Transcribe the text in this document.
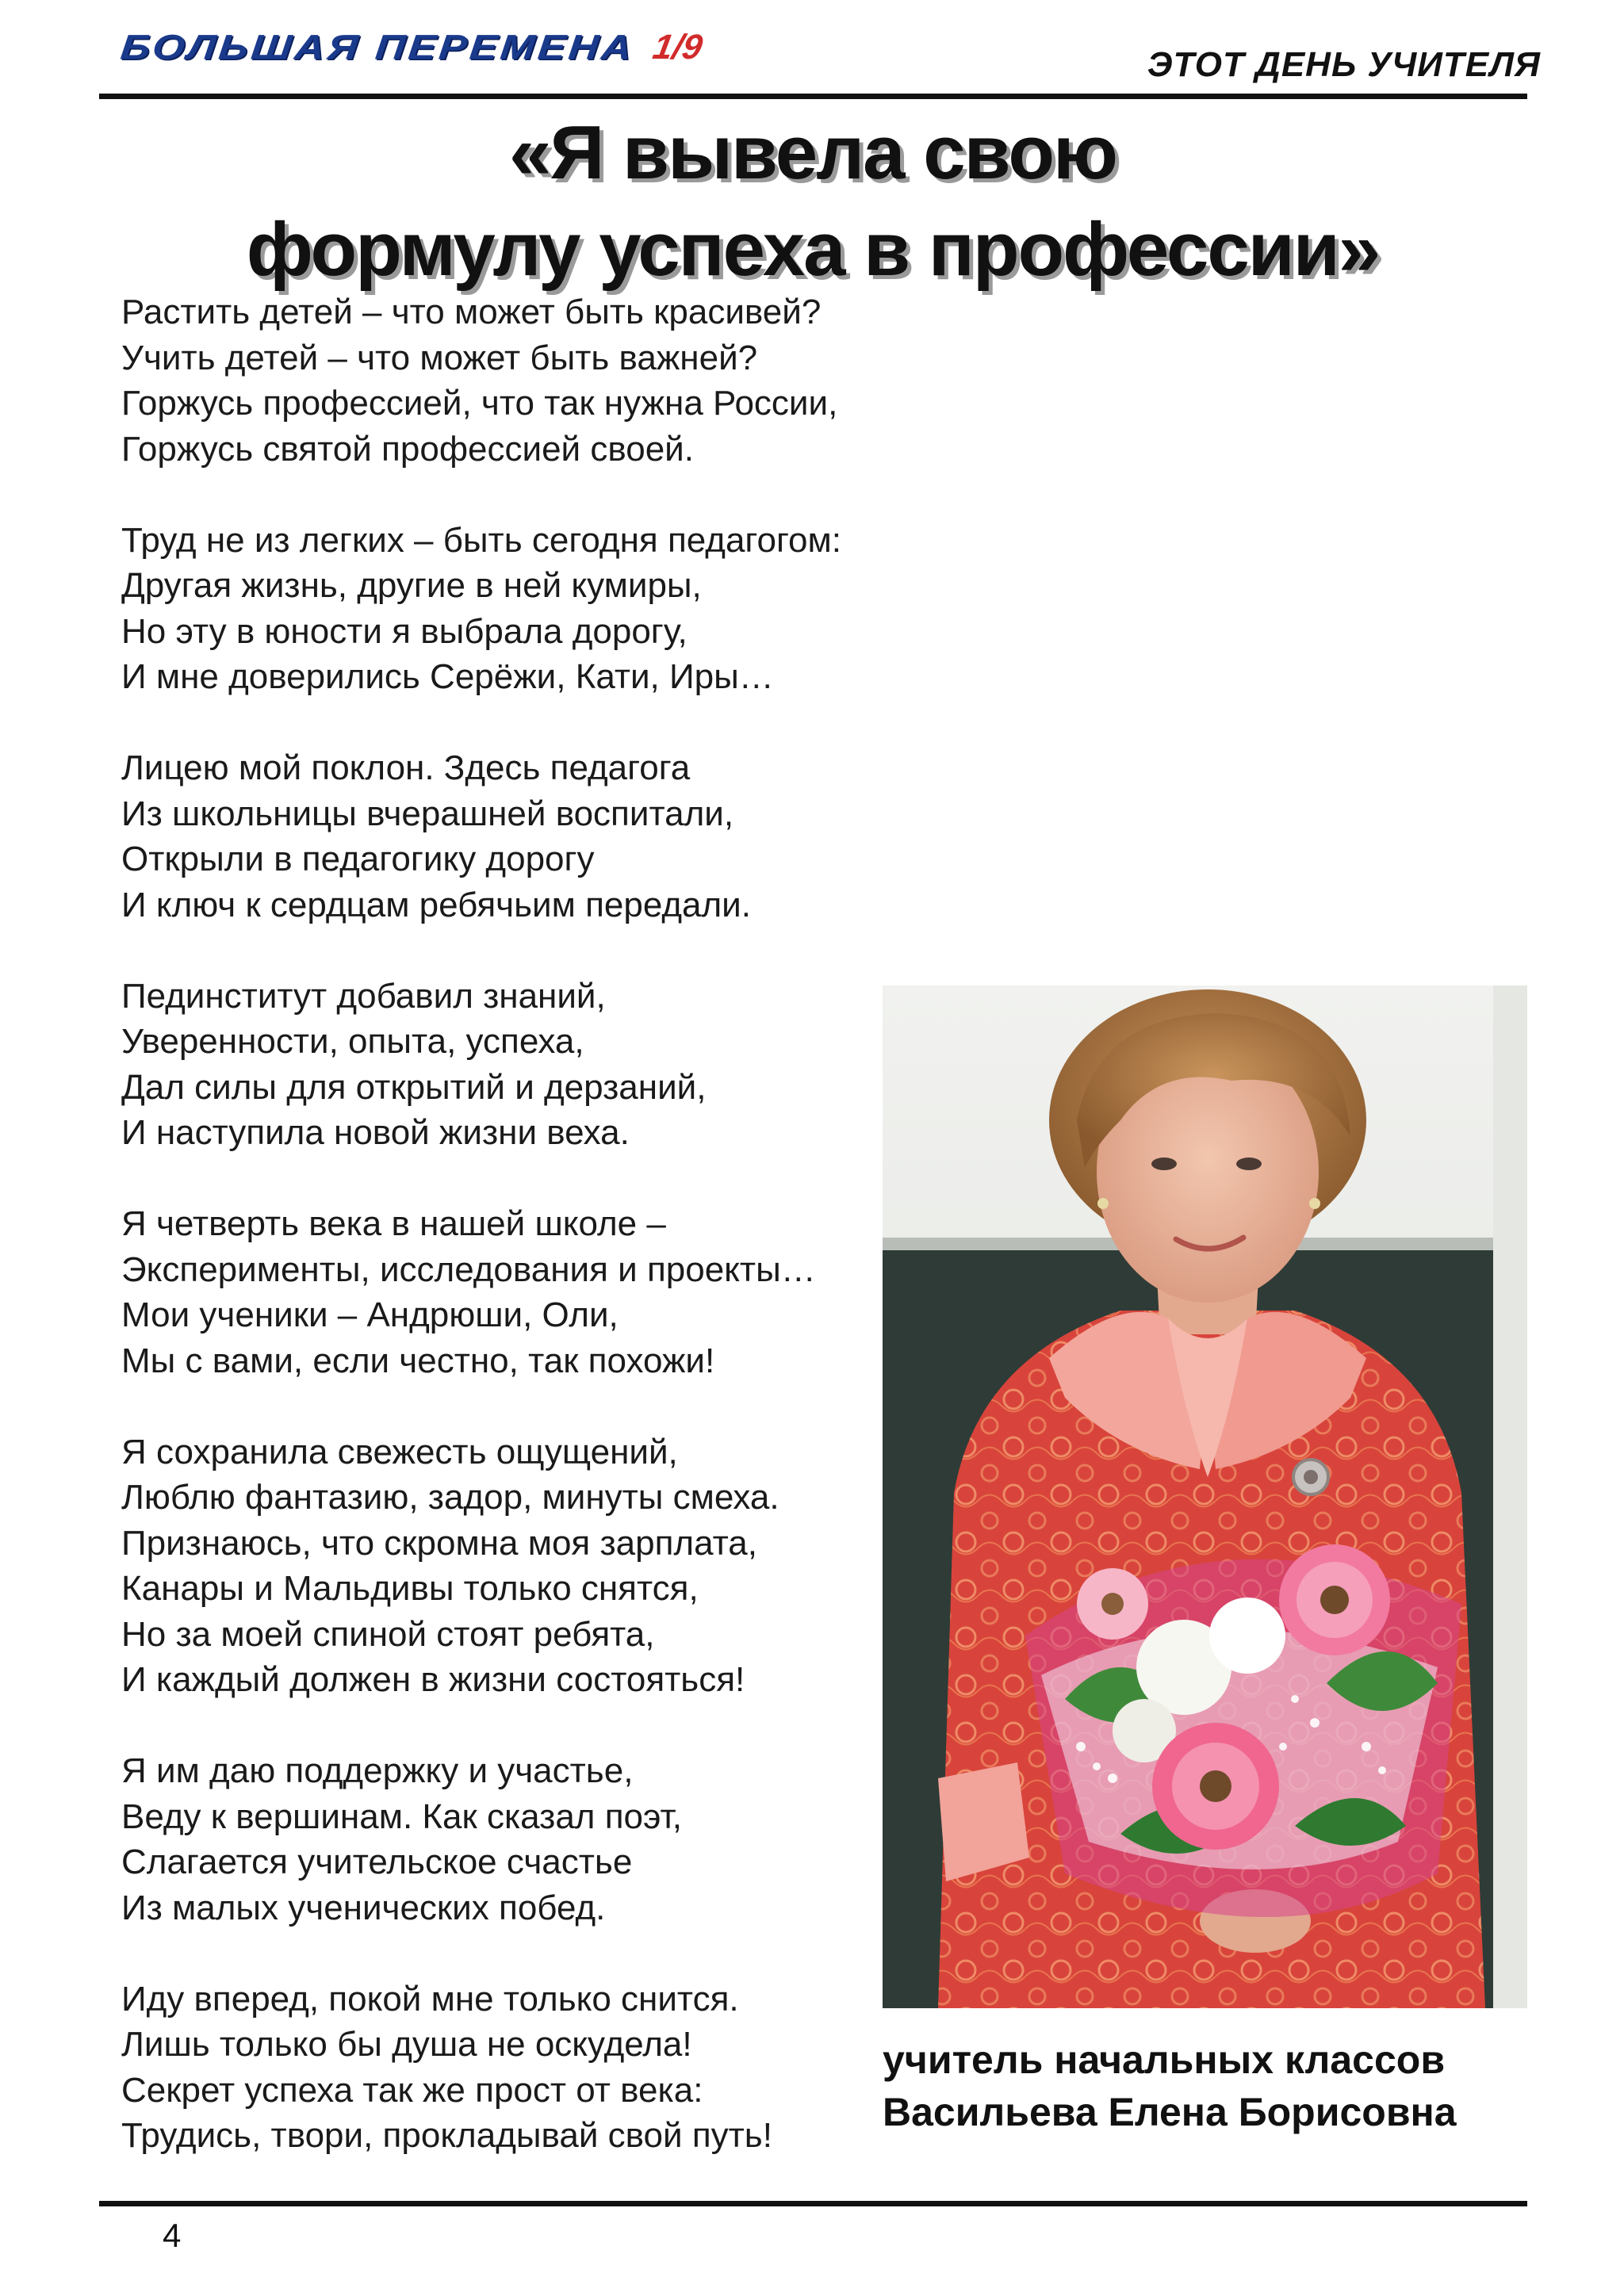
БОЛЬШАЯ ПЕРЕМЕНА 1/9	ЭТОТ ДЕНЬ УЧИТЕЛЯ
«Я вывела свою
формулу успеха в профессии»
Растить детей – что может быть красивей?
Учить детей – что может быть важней?
Горжусь профессией, что так нужна России,
Горжусь святой профессией своей.
Труд не из легких – быть сегодня педагогом:
Другая жизнь, другие в ней кумиры,
Но эту в юности я выбрала дорогу,
И мне доверились Серёжи, Кати, Иры…
Лицею мой поклон. Здесь педагога
Из школьницы вчерашней воспитали,
Открыли в педагогику дорогу
И ключ к сердцам ребячьим передали.
Пединститут добавил знаний,
Уверенности, опыта, успеха,
Дал силы для открытий и дерзаний,
И наступила новой жизни веха.
Я четверть века в нашей школе –
Эксперименты, исследования и проекты…
Мои ученики – Андрюши, Оли,
Мы с вами, если честно, так похожи!
Я сохранила свежесть ощущений,
Люблю фантазию, задор, минуты смеха.
Признаюсь, что скромна моя зарплата,
Канары и Мальдивы только снятся,
Но за моей спиной стоят ребята,
И каждый должен в жизни состояться!
Я им даю поддержку и участье,
Веду к вершинам. Как сказал поэт,
Слагается учительское счастье
Из малых ученических побед.
Иду вперед, покой мне только снится.
Лишь только бы душа не оскудела!
Секрет успеха так же прост от века:
Трудись, твори, прокладывай свой путь!
учитель начальных классов
Васильева Елена Борисовна
4
